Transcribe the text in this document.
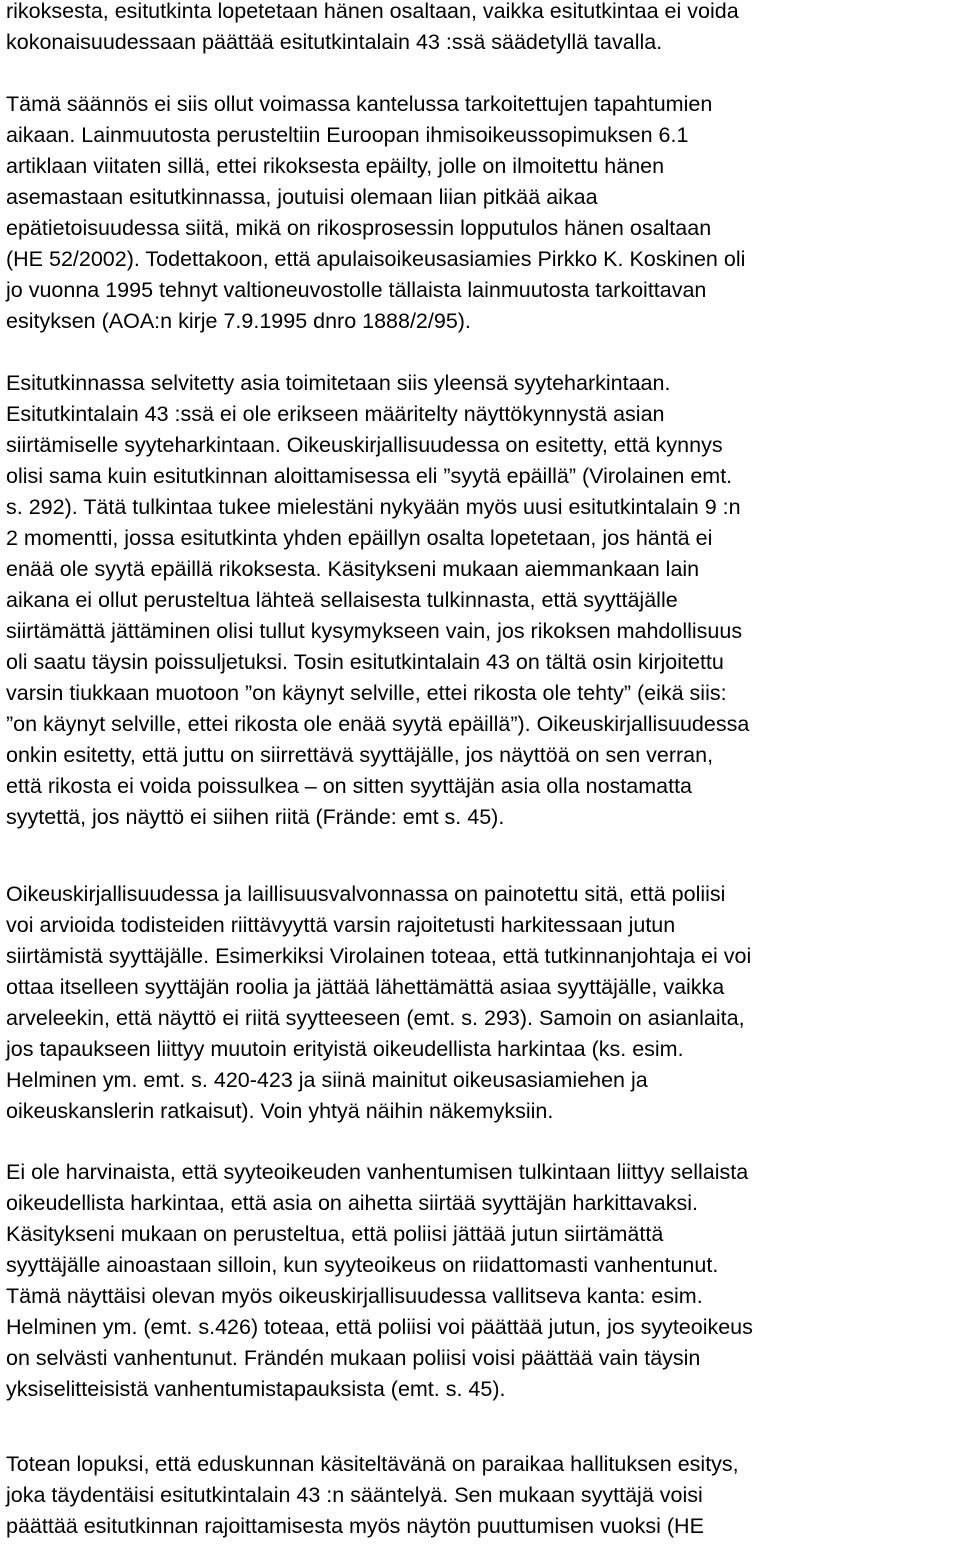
rikoksesta, esitutkinta lopetetaan hänen osaltaan, vaikka esitutkintaa ei voida
kokonaisuudessaan päättää esitutkintalain 43 :ssä säädetyllä tavalla.
Tämä säännös ei siis ollut voimassa kantelussa tarkoitettujen tapahtumien
aikaan. Lainmuutosta perusteltiin Euroopan ihmisoikeussopimuksen 6.1
artiklaan viitaten sillä, ettei rikoksesta epäilty, jolle on ilmoitettu hänen
asemastaan esitutkinnassa, joutuisi olemaan liian pitkää aikaa
epätietoisuudessa siitä, mikä on rikosprosessin lopputulos hänen osaltaan
(HE 52/2002). Todettakoon, että apulaisoikeusasiamies Pirkko K. Koskinen oli
jo vuonna 1995 tehnyt valtioneuvostolle tällaista lainmuutosta tarkoittavan
esityksen (AOA:n kirje 7.9.1995 dnro 1888/2/95).
Esitutkinnassa selvitetty asia toimitetaan siis yleensä syyteharkintaan.
Esitutkintalain 43 :ssä ei ole erikseen määritelty näyttökynnystä asian
siirtämiselle syyteharkintaan. Oikeuskirjallisuudessa on esitetty, että kynnys
olisi sama kuin esitutkinnan aloittamisessa eli ”syytä epäillä” (Virolainen emt.
s. 292). Tätä tulkintaa tukee mielestäni nykyään myös uusi esitutkintalain 9 :n
2 momentti, jossa esitutkinta yhden epäillyn osalta lopetetaan, jos häntä ei
enää ole syytä epäillä rikoksesta. Käsitykseni mukaan aiemmankaan lain
aikana ei ollut perusteltua lähteä sellaisesta tulkinnasta, että syyttäjälle
siirtämättä jättäminen olisi tullut kysymykseen vain, jos rikoksen mahdollisuus
oli saatu täysin poissuljetuksi. Tosin esitutkintalain 43 on tältä osin kirjoitettu
varsin tiukkaan muotoon ”on käynyt selville, ettei rikosta ole tehty” (eikä siis:
”on käynyt selville, ettei rikosta ole enää syytä epäillä”). Oikeuskirjallisuudessa
onkin esitetty, että juttu on siirrettävä syyttäjälle, jos näyttöä on sen verran,
että rikosta ei voida poissulkea – on sitten syyttäjän asia olla nostamatta
syytettä, jos näyttö ei siihen riitä (Frände: emt s. 45).
Oikeuskirjallisuudessa ja laillisuusvalvonnassa on painotettu sitä, että poliisi
voi arvioida todisteiden riittävyyttä varsin rajoitetusti harkitessaan jutun
siirtämistä syyttäjälle. Esimerkiksi Virolainen toteaa, että tutkinnanjohtaja ei voi
ottaa itselleen syyttäjän roolia ja jättää lähettämättä asiaa syyttäjälle, vaikka
arveleekin, että näyttö ei riitä syytteeseen (emt. s. 293). Samoin on asianlaita,
jos tapaukseen liittyy muutoin erityistä oikeudellista harkintaa (ks. esim.
Helminen ym. emt. s. 420-423 ja siinä mainitut oikeusasiamiehen ja
oikeuskanslerin ratkaisut). Voin yhtyä näihin näkemyksiin.
Ei ole harvinaista, että syyteoikeuden vanhentumisen tulkintaan liittyy sellaista
oikeudellista harkintaa, että asia on aihetta siirtää syyttäjän harkittavaksi.
Käsitykseni mukaan on perusteltua, että poliisi jättää jutun siirtämättä
syyttäjälle ainoastaan silloin, kun syyteoikeus on riidattomasti vanhentunut.
Tämä näyttäisi olevan myös oikeuskirjallisuudessa vallitseva kanta: esim.
Helminen ym. (emt. s.426) toteaa, että poliisi voi päättää jutun, jos syyteoikeus
on selvästi vanhentunut. Frändén mukaan poliisi voisi päättää vain täysin
yksiselitteisistä vanhentumistapauksista (emt. s. 45).
Totean lopuksi, että eduskunnan käsiteltävänä on paraikaa hallituksen esitys,
joka täydentäisi esitutkintalain 43 :n sääntelyä. Sen mukaan syyttäjä voisi
päättää esitutkinnan rajoittamisesta myös näytön puuttumisen vuoksi (HE
